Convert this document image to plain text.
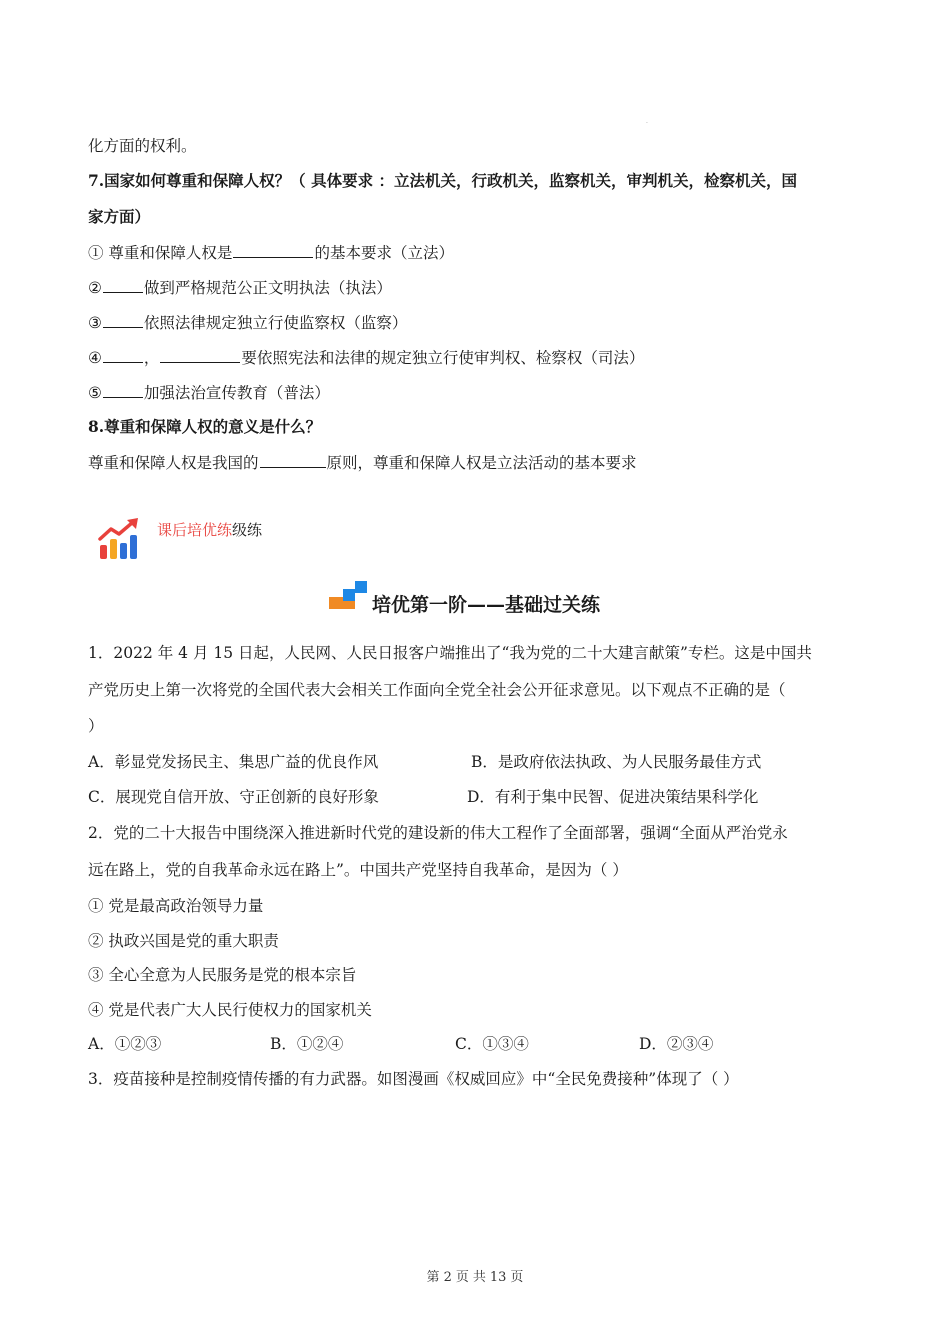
.
化方面的权利。
7.国家如何尊重和保障人权？（ 具体要求 ：立法机关，行政机关，监察机关，审判机关，检察机关，国
家方面）
① 尊重和保障人权是	的基本要求（立法）
②	做到严格规范公正文明执法（执法）
③	依照法律规定独立行使监察权（监察）
④	，	要依照宪法和法律的规定独立行使审判权、检察权（司法）
⑤	加强法治宣传教育（普法）
8.尊重和保障人权的意义是什么？
尊重和保障人权是我国的	原则，尊重和保障人权是立法活动的基本要求
课后培优练级练
培优第一阶——基础过关练
1．2022 年 4 月 15 日起，人民网、人民日报客户端推出了“我为党的二十大建言献策”专栏。这是中国共
产党历史上第一次将党的全国代表大会相关工作面向全党全社会公开征求意见。以下观点不正确的是（
）
A．彰显党发扬民主、集思广益的优良作风	B．是政府依法执政、为人民服务最佳方式
C．展现党自信开放、守正创新的良好形象	D．有利于集中民智、促进决策结果科学化
2．党的二十大报告中围绕深入推进新时代党的建设新的伟大工程作了全面部署，强调“全面从严治党永
远在路上，党的自我革命永远在路上”。中国共产党坚持自我革命，是因为（ ）
① 党是最高政治领导力量
② 执政兴国是党的重大职责
③ 全心全意为人民服务是党的根本宗旨
④ 党是代表广大人民行使权力的国家机关
A．①②③	B．①②④	C．①③④	D．②③④
3．疫苗接种是控制疫情传播的有力武器。如图漫画《权威回应》中“全民免费接种”体现了（ ）
第 2 页 共 13 页
